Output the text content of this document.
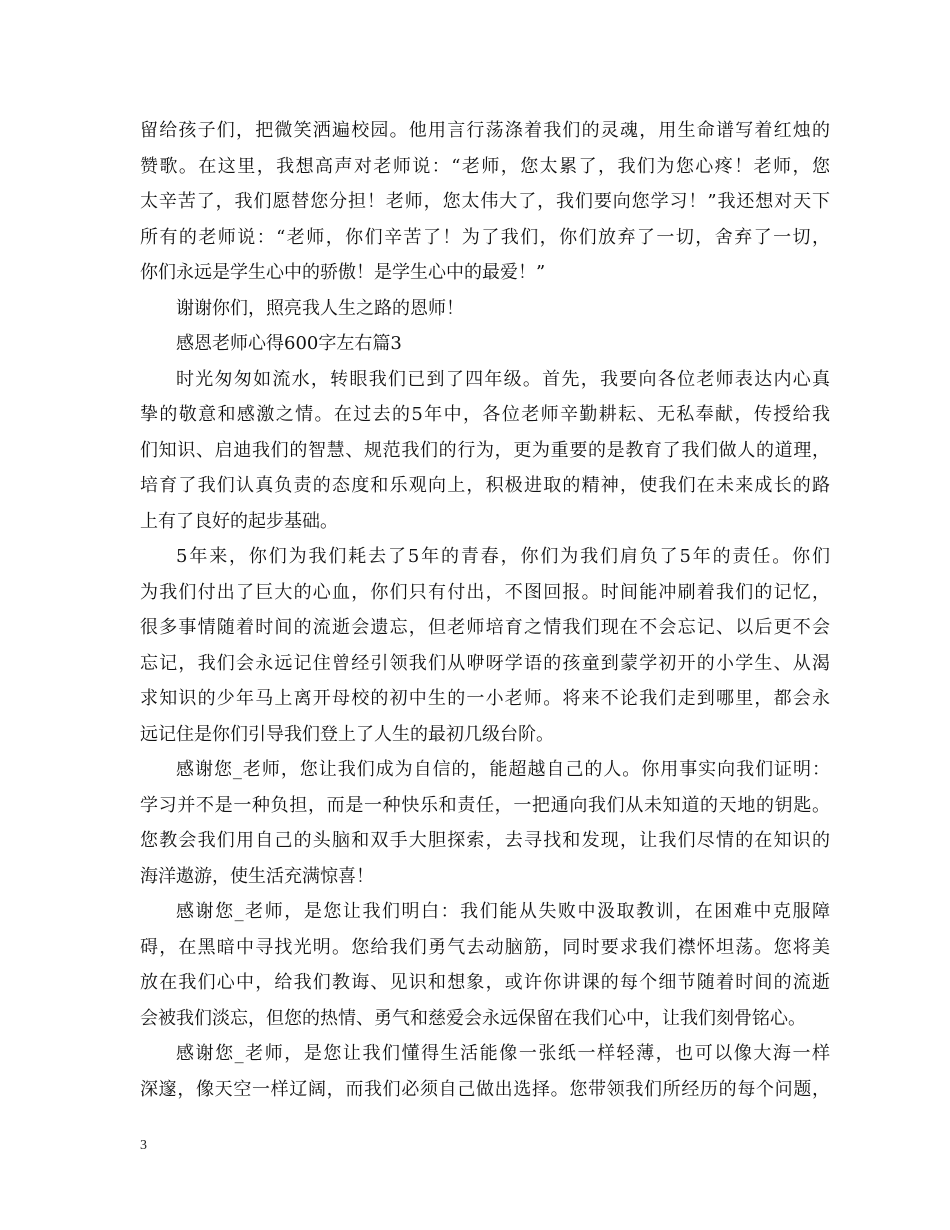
留给孩子们，把微笑洒遍校园。他用言行荡涤着我们的灵魂，用生命谱写着红烛的
赞歌。在这里，我想高声对老师说：“老师，您太累了，我们为您心疼！老师，您
太辛苦了，我们愿替您分担！老师，您太伟大了，我们要向您学习！”我还想对天下
所有的老师说：“老师，你们辛苦了！为了我们，你们放弃了一切，舍弃了一切，
你们永远是学生心中的骄傲！是学生心中的最爱！”
谢谢你们，照亮我人生之路的恩师！
感恩老师心得600字左右篇3
时光匆匆如流水，转眼我们已到了四年级。首先，我要向各位老师表达内心真
挚的敬意和感激之情。在过去的5年中，各位老师辛勤耕耘、无私奉献，传授给我
们知识、启迪我们的智慧、规范我们的行为，更为重要的是教育了我们做人的道理，
培育了我们认真负责的态度和乐观向上，积极进取的精神，使我们在未来成长的路
上有了良好的起步基础。
5年来，你们为我们耗去了5年的青春，你们为我们肩负了5年的责任。你们
为我们付出了巨大的心血，你们只有付出，不图回报。时间能冲刷着我们的记忆，
很多事情随着时间的流逝会遗忘，但老师培育之情我们现在不会忘记、以后更不会
忘记，我们会永远记住曾经引领我们从咿呀学语的孩童到蒙学初开的小学生、从渴
求知识的少年马上离开母校的初中生的一小老师。将来不论我们走到哪里，都会永
远记住是你们引导我们登上了人生的最初几级台阶。
感谢您_老师，您让我们成为自信的，能超越自己的人。你用事实向我们证明：
学习并不是一种负担，而是一种快乐和责任，一把通向我们从未知道的天地的钥匙。
您教会我们用自己的头脑和双手大胆探索，去寻找和发现，让我们尽情的在知识的
海洋遨游，使生活充满惊喜！
感谢您_老师，是您让我们明白：我们能从失败中汲取教训，在困难中克服障
碍，在黑暗中寻找光明。您给我们勇气去动脑筋，同时要求我们襟怀坦荡。您将美
放在我们心中，给我们教诲、见识和想象，或许你讲课的每个细节随着时间的流逝
会被我们淡忘，但您的热情、勇气和慈爱会永远保留在我们心中，让我们刻骨铭心。
感谢您_老师，是您让我们懂得生活能像一张纸一样轻薄，也可以像大海一样
深邃，像天空一样辽阔，而我们必须自己做出选择。您带领我们所经历的每个问题，
3
